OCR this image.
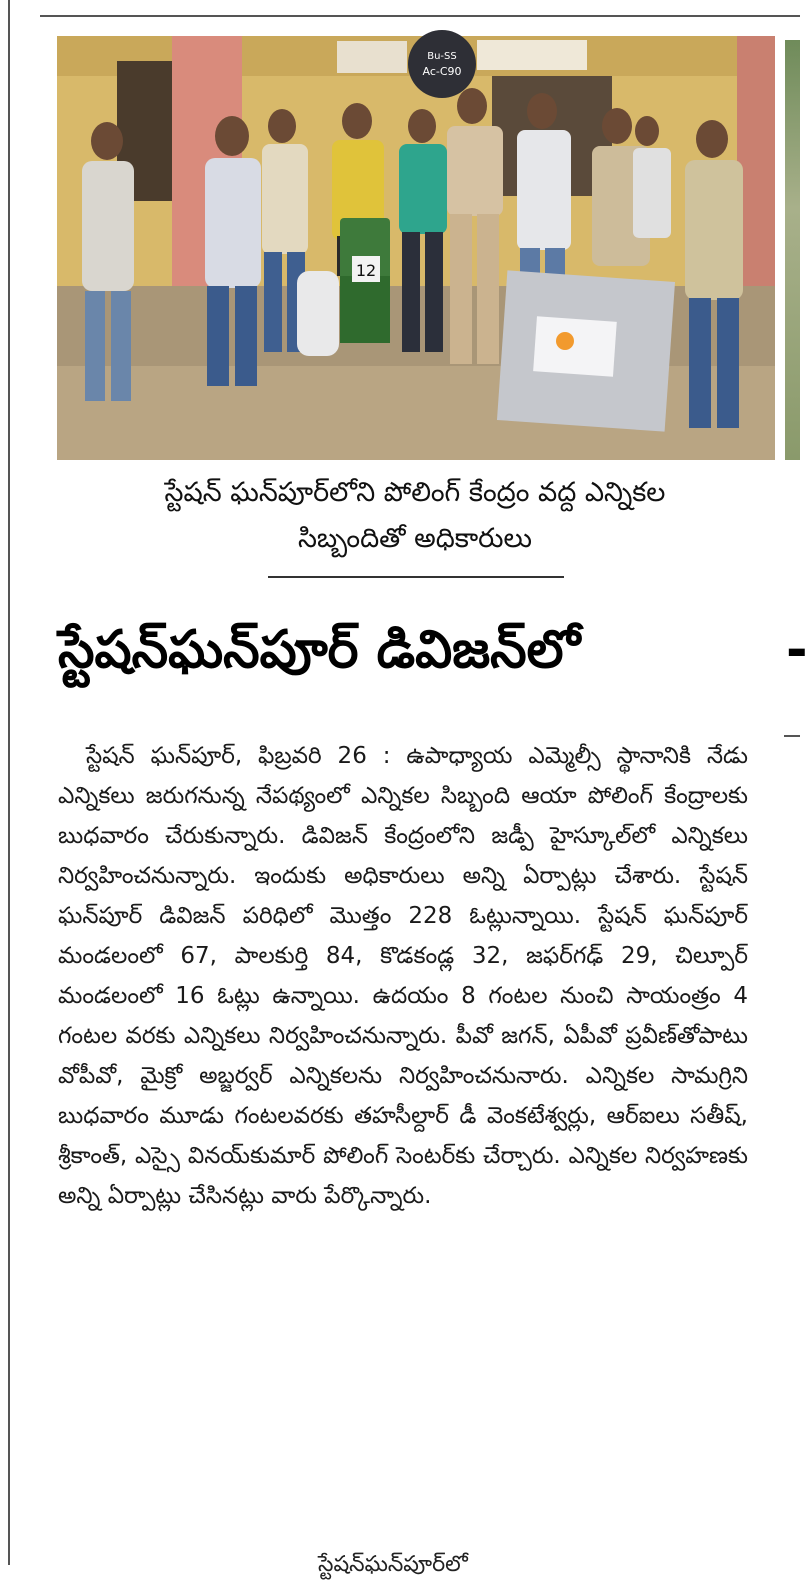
Bu-SS
Ac-C90
12
స్టేషన్ ఘన్‌పూర్‌లోని పోలింగ్ కేంద్రం వద్ద ఎన్నికల
సిబ్బందితో అధికారులు
స్టేషన్‌ఘన్‌పూర్ డివిజన్‌లో	-

స్టేషన్ ఘన్‌పూర్, ఫిబ్రవరి 26 : ఉపాధ్యాయ ఎమ్మెల్సీ స్థానానికి నేడు ఎన్నికలు జరుగనున్న నేపథ్యంలో ఎన్నికల సిబ్బంది ఆయా పోలింగ్ కేంద్రాలకు బుధవారం చేరుకున్నారు. డివిజన్ కేంద్రంలోని జడ్పీ హైస్కూల్‌లో ఎన్నికలు నిర్వహించనున్నారు. ఇందుకు అధికారులు అన్ని ఏర్పాట్లు చేశారు. స్టేషన్ ఘన్‌పూర్ డివిజన్ పరిధిలో మొత్తం 228 ఓట్లున్నాయి. స్టేషన్ ఘన్‌పూర్ మండలంలో 67, పాలకుర్తి 84, కొడకండ్ల 32, జఫర్‌గఢ్ 29, చిల్పూర్ మండలంలో 16 ఓట్లు ఉన్నాయి. ఉదయం 8 గంటల నుంచి సాయంత్రం 4 గంటల వరకు ఎన్నికలు నిర్వహించనున్నారు. పీవో జగన్, ఏపీవో ప్రవీణ్‌తోపాటు వోపీవో, మైక్రో అబ్జర్వర్ ఎన్నికలను నిర్వహించనునారు. ఎన్నికల సామగ్రిని బుధవారం మూడు గంటలవరకు తహసీల్దార్ డీ వెంకటేశ్వర్లు, ఆర్ఐలు సతీష్, శ్రీకాంత్, ఎస్సై వినయ్‌కుమార్ పోలింగ్ సెంటర్‌కు చేర్చారు. ఎన్నికల నిర్వహణకు అన్ని ఏర్పాట్లు చేసినట్లు వారు పేర్కొన్నారు.

స్టేషన్‌ఘన్‌పూర్‌లో
